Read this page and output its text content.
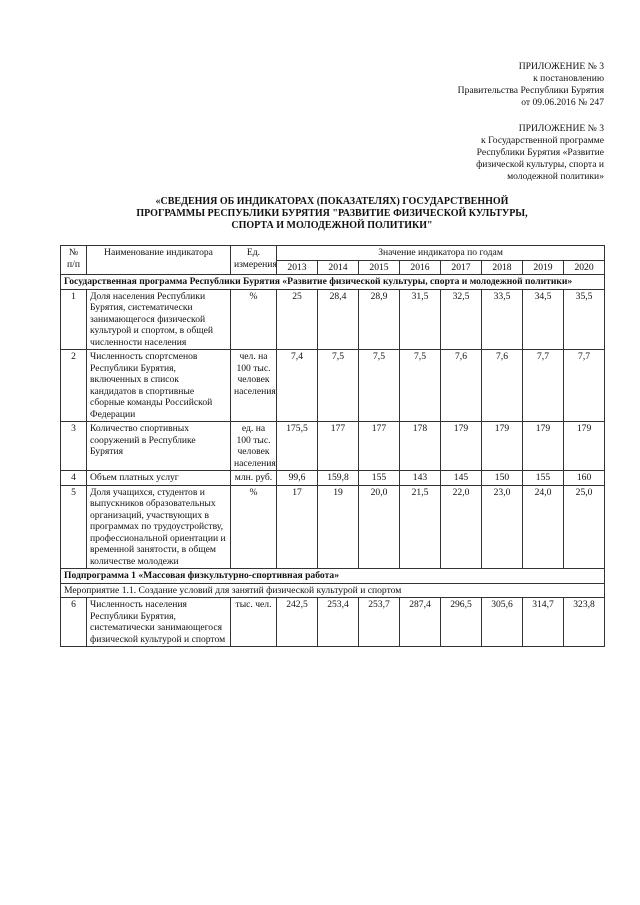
ПРИЛОЖЕНИЕ № 3
к постановлению
Правительства Республики Бурятия
от 09.06.2016 № 247
ПРИЛОЖЕНИЕ № 3
к Государственной программе
Республики Бурятия «Развитие
физической культуры, спорта и
молодежной политики»
«СВЕДЕНИЯ ОБ ИНДИКАТОРАХ (ПОКАЗАТЕЛЯХ) ГОСУДАРСТВЕННОЙ
ПРОГРАММЫ РЕСПУБЛИКИ БУРЯТИЯ "РАЗВИТИЕ ФИЗИЧЕСКОЙ КУЛЬТУРЫ,
СПОРТА И МОЛОДЕЖНОЙ ПОЛИТИКИ"
№ п/п	Наименование индикатора	Ед. измерения	Значение индикатора по годам							
			2013	2014	2015	2016	2017	2018	2019	2020
Государственная программа Республики Бурятия «Развитие физической культуры, спорта и молодежной политики»										
1	Доля населения Республики Бурятия, систематически занимающегося физической культурой и спортом, в общей численности населения	%	25	28,4	28,9	31,5	32,5	33,5	34,5	35,5
2	Численность спортсменов Республики Бурятия, включенных в список кандидатов в спортивные сборные команды Российской Федерации	чел. на 100 тыс. человек населения	7,4	7,5	7,5	7,5	7,6	7,6	7,7	7,7
3	Количество спортивных сооружений в Республике Бурятия	ед. на 100 тыс. человек населения	175,5	177	177	178	179	179	179	179
4	Объем платных услуг	млн. руб.	99,6	159,8	155	143	145	150	155	160
5	Доля учащихся, студентов и выпускников образовательных организаций, участвующих в программах по трудоустройству, профессиональной ориентации и временной занятости, в общем количестве молодежи	%	17	19	20,0	21,5	22,0	23,0	24,0	25,0
Подпрограмма 1 «Массовая физкультурно-спортивная работа»										
Мероприятие 1.1. Создание условий для занятий физической культурой и спортом										
6	Численность населения Республики Бурятия, систематически занимающегося физической культурой и спортом	тыс. чел.	242,5	253,4	253,7	287,4	296,5	305,6	314,7	323,8
